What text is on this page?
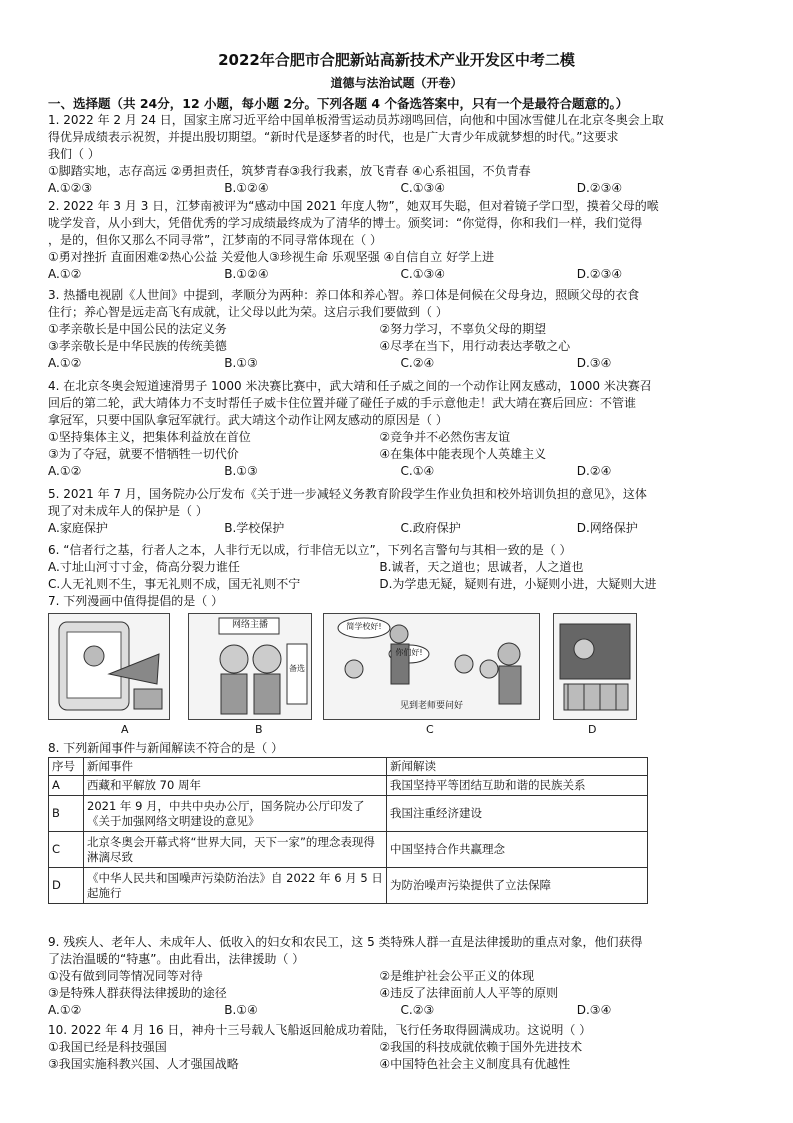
2022年合肥市合肥新站高新技术产业开发区中考二模
道德与法治试题（开卷）

一、选择题（共 24分，12 小题，每小题 2分。下列各题 4 个备选答案中，只有一个是最符合题意的。）

1. 2022 年 2 月 24 日，国家主席习近平给中国单板滑雪运动员苏翊鸣回信，向他和中国冰雪健儿在北京冬奥会上取

得优异成绩表示祝贺，并提出殷切期望。“新时代是逐梦者的时代，也是广大青少年成就梦想的时代。”这要求

我们（ ）

①脚踏实地，志存高远 ②勇担责任，筑梦青春③我行我素，放飞青春 ④心系祖国，不负青春

A.①②③	B.①②④	C.①③④	D.②③④

2. 2022 年 3 月 3 日，江梦南被评为“感动中国 2021 年度人物”，她双耳失聪，但对着镜子学口型，摸着父母的喉

咙学发音，从小到大，凭借优秀的学习成绩最终成为了清华的博士。颁奖词：“你觉得，你和我们一样，我们觉得

，是的，但你又那么不同寻常”，江梦南的不同寻常体现在（ ）

①勇对挫折 直面困难②热心公益 关爱他人③珍视生命 乐观坚强 ④自信自立 好学上进

A.①②	B.①②④	C.①③④	D.②③④

3. 热播电视剧《人世间》中提到，孝顺分为两种：养口体和养心智。养口体是伺候在父母身边，照顾父母的衣食

住行；养心智是远走高飞有成就，让父母以此为荣。这启示我们要做到（ ）

①孝亲敬长是中国公民的法定义务	②努力学习，不辜负父母的期望
③孝亲敬长是中华民族的传统美德	④尽孝在当下，用行动表达孝敬之心
A.①②	B.①③	C.②④	D.③④

4. 在北京冬奥会短道速滑男子 1000 米决赛比赛中，武大靖和任子威之间的一个动作让网友感动，1000 米决赛召

回后的第二轮，武大靖体力不支时帮任子威卡住位置并碰了碰任子威的手示意他走！武大靖在赛后回应：不管谁

拿冠军，只要中国队拿冠军就行。武大靖这个动作让网友感动的原因是（ ）

①坚持集体主义，把集体利益放在首位	②竞争并不必然伤害友谊
③为了夺冠，就要不惜牺牲一切代价	④在集体中能表现个人英雄主义
A.①②	B.①③	C.①④	D.②④

5. 2021 年 7 月，国务院办公厅发布《关于进一步减轻义务教育阶段学生作业负担和校外培训负担的意见》，这体

现了对未成年人的保护是（ ）

A.家庭保护	B.学校保护	C.政府保护	D.网络保护

6. “信者行之基，行者人之本，人非行无以成，行非信无以立”，下列名言警句与其相一致的是（ ）

A.寸址山河寸寸金，倚高分裂力谁任	B.诚者，天之道也；思诚者，人之道也
C.人无礼则不生，事无礼则不成，国无礼则不宁	D.为学患无疑，疑则有进，小疑则小进，大疑则大进

7. 下列漫画中值得提倡的是（ ）

网络主播
备选
简学校好!
你们好!
见到老师要问好
A	B	C	D

8. 下列新闻事件与新闻解读不符合的是（ ）

序号	新闻事件	新闻解读
A	西藏和平解放 70 周年	我国坚持平等团结互助和谐的民族关系
B	2021 年 9 月，中共中央办公厅，国务院办公厅印发了《关于加强网络文明建设的意见》	我国注重经济建设
C	北京冬奥会开幕式将“世界大同，天下一家”的理念表现得淋漓尽致	中国坚持合作共赢理念
D	《中华人民共和国噪声污染防治法》自 2022 年 6 月 5 日起施行	为防治噪声污染提供了立法保障

9. 残疾人、老年人、未成年人、低收入的妇女和农民工，这 5 类特殊人群一直是法律援助的重点对象，他们获得

了法治温暖的“特惠”。由此看出，法律援助（ ）

①没有做到同等情况同等对待	②是维护社会公平正义的体现
③是特殊人群获得法律援助的途径	④违反了法律面前人人平等的原则
A.①②	B.①④	C.②③	D.③④

10. 2022 年 4 月 16 日，神舟十三号载人飞船返回舱成功着陆，飞行任务取得圆满成功。这说明（ ）

①我国已经是科技强国	②我国的科技成就依赖于国外先进技术
③我国实施科教兴国、人才强国战略	④中国特色社会主义制度具有优越性
